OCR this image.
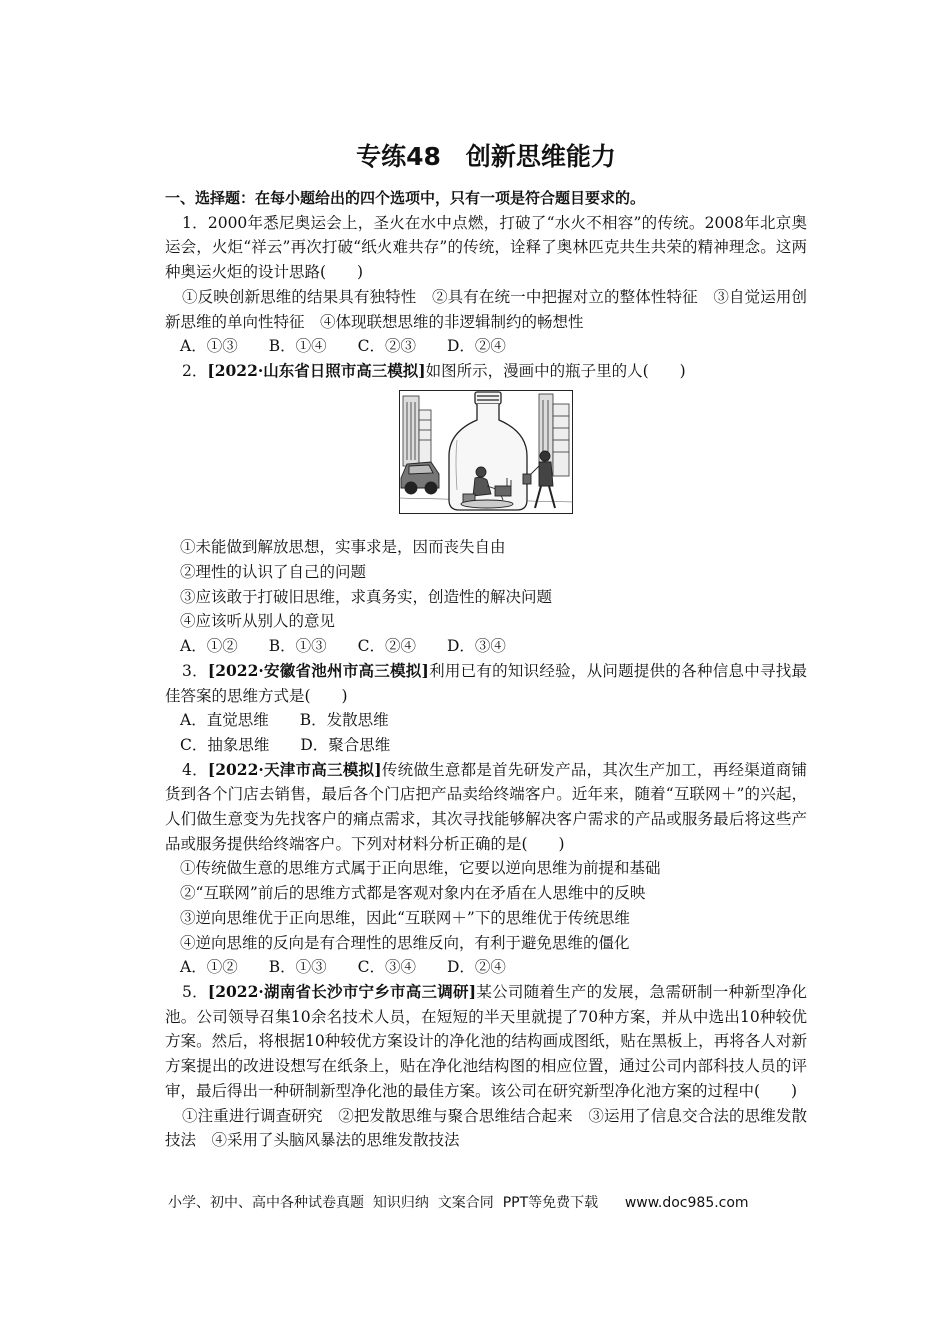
专练48　创新思维能力

一、选择题：在每小题给出的四个选项中，只有一项是符合题目要求的。

1．2000年悉尼奥运会上，圣火在水中点燃，打破了“水火不相容”的传统。2008年北京奥运会，火炬“祥云”再次打破“纸火难共存”的传统，诠释了奥林匹克共生共荣的精神理念。这两种奥运火炬的设计思路(　　)

①反映创新思维的结果具有独特性　②具有在统一中把握对立的整体性特征　③自觉运用创新思维的单向性特征　④体现联想思维的非逻辑制约的畅想性

A．①③　　B．①④　　C．②③　　D．②④

2．[2022·山东省日照市高三模拟]如图所示，漫画中的瓶子里的人(　　)

①未能做到解放思想，实事求是，因而丧失自由

②理性的认识了自己的问题

③应该敢于打破旧思维，求真务实，创造性的解决问题

④应该听从别人的意见

A．①②　　B．①③　　C．②④　　D．③④

3．[2022·安徽省池州市高三模拟]利用已有的知识经验，从问题提供的各种信息中寻找最佳答案的思维方式是(　　)

A．直觉思维　　B．发散思维

C．抽象思维　　D．聚合思维

4．[2022·天津市高三模拟]传统做生意都是首先研发产品，其次生产加工，再经渠道商铺货到各个门店去销售，最后各个门店把产品卖给终端客户。近年来，随着“互联网＋”的兴起，人们做生意变为先找客户的痛点需求，其次寻找能够解决客户需求的产品或服务最后将这些产品或服务提供给终端客户。下列对材料分析正确的是(　　)

①传统做生意的思维方式属于正向思维，它要以逆向思维为前提和基础

②“互联网”前后的思维方式都是客观对象内在矛盾在人思维中的反映

③逆向思维优于正向思维，因此“互联网＋”下的思维优于传统思维

④逆向思维的反向是有合理性的思维反向，有利于避免思维的僵化

A．①②　　B．①③　　C．③④　　D．②④

5．[2022·湖南省长沙市宁乡市高三调研]某公司随着生产的发展，急需研制一种新型净化池。公司领导召集10余名技术人员，在短短的半天里就提了70种方案，并从中选出10种较优方案。然后，将根据10种较优方案设计的净化池的结构画成图纸，贴在黑板上，再将各人对新方案提出的改进设想写在纸条上，贴在净化池结构图的相应位置，通过公司内部科技人员的评审，最后得出一种研制新型净化池的最佳方案。该公司在研究新型净化池方案的过程中(　　)

①注重进行调查研究　②把发散思维与聚合思维结合起来　③运用了信息交合法的思维发散技法　④采用了头脑风暴法的思维发散技法

小学、初中、高中各种试卷真题  知识归纳  文案合同  PPT等免费下载      www.doc985.com
